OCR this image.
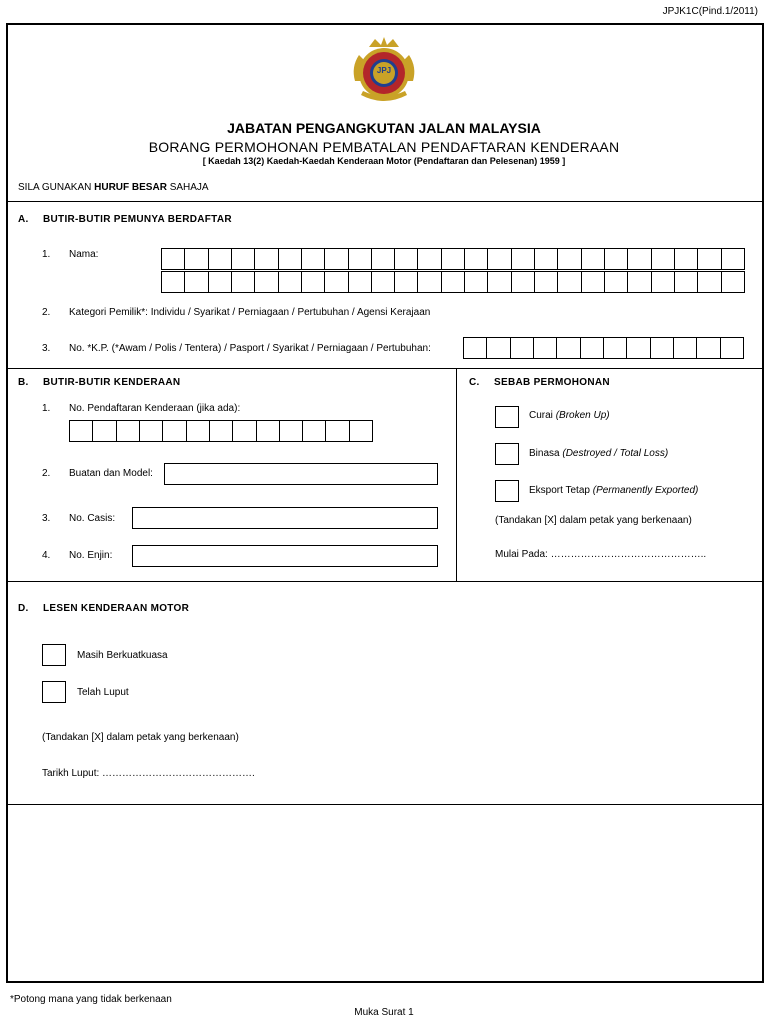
JPJK1C(Pind.1/2011)
JPJ
JABATAN PENGANGKUTAN JALAN MALAYSIA
BORANG PERMOHONAN PEMBATALAN PENDAFTARAN KENDERAAN
[ Kaedah 13(2) Kaedah-Kaedah Kenderaan Motor (Pendaftaran dan Pelesenan) 1959 ]
SILA GUNAKAN HURUF BESAR SAHAJA
A. BUTIR-BUTIR PEMUNYA BERDAFTAR
1. Nama:
2. Kategori Pemilik*: Individu / Syarikat / Perniagaan / Pertubuhan / Agensi Kerajaan
3. No. *K.P. (*Awam / Polis / Tentera) / Pasport / Syarikat / Perniagaan / Pertubuhan:
B. BUTIR-BUTIR KENDERAAN
1. No. Pendaftaran Kenderaan (jika ada):
2. Buatan dan Model:
3. No. Casis:
4. No. Enjin:
C. SEBAB PERMOHONAN
Curai (Broken Up)
Binasa (Destroyed / Total Loss)
Eksport Tetap (Permanently Exported)
(Tandakan [X] dalam petak yang berkenaan)
Mulai Pada: ………………………………………..
D. LESEN KENDERAAN MOTOR
Masih Berkuatkuasa
Telah Luput
(Tandakan [X] dalam petak yang berkenaan)
Tarikh Luput: ……………………………………….
*Potong mana yang tidak berkenaan
Muka Surat 1
